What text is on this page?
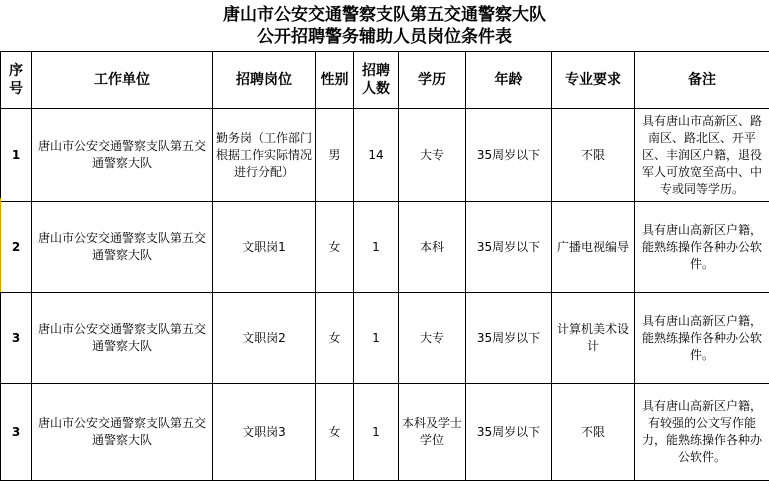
唐山市公安交通警察支队第五交通警察大队
公开招聘警务辅助人员岗位条件表
序号	工作单位	招聘岗位	性别	招聘人数	学历	年龄	专业要求	备注
1	唐山市公安交通警察支队第五交通警察大队	勤务岗（工作部门根据工作实际情况进行分配）	男	14	大专	35周岁以下	不限	具有唐山市高新区、路南区、路北区、开平区、丰润区户籍，退役军人可放宽至高中、中专或同等学历。
2	唐山市公安交通警察支队第五交通警察大队	文职岗1	女	1	本科	35周岁以下	广播电视编导	具有唐山高新区户籍，能熟练操作各种办公软件。
3	唐山市公安交通警察支队第五交通警察大队	文职岗2	女	1	大专	35周岁以下	计算机美术设计	具有唐山高新区户籍，能熟练操作各种办公软件。
3	唐山市公安交通警察支队第五交通警察大队	文职岗3	女	1	本科及学士学位	35周岁以下	不限	具有唐山高新区户籍，有较强的公文写作能力，能熟练操作各种办公软件。
